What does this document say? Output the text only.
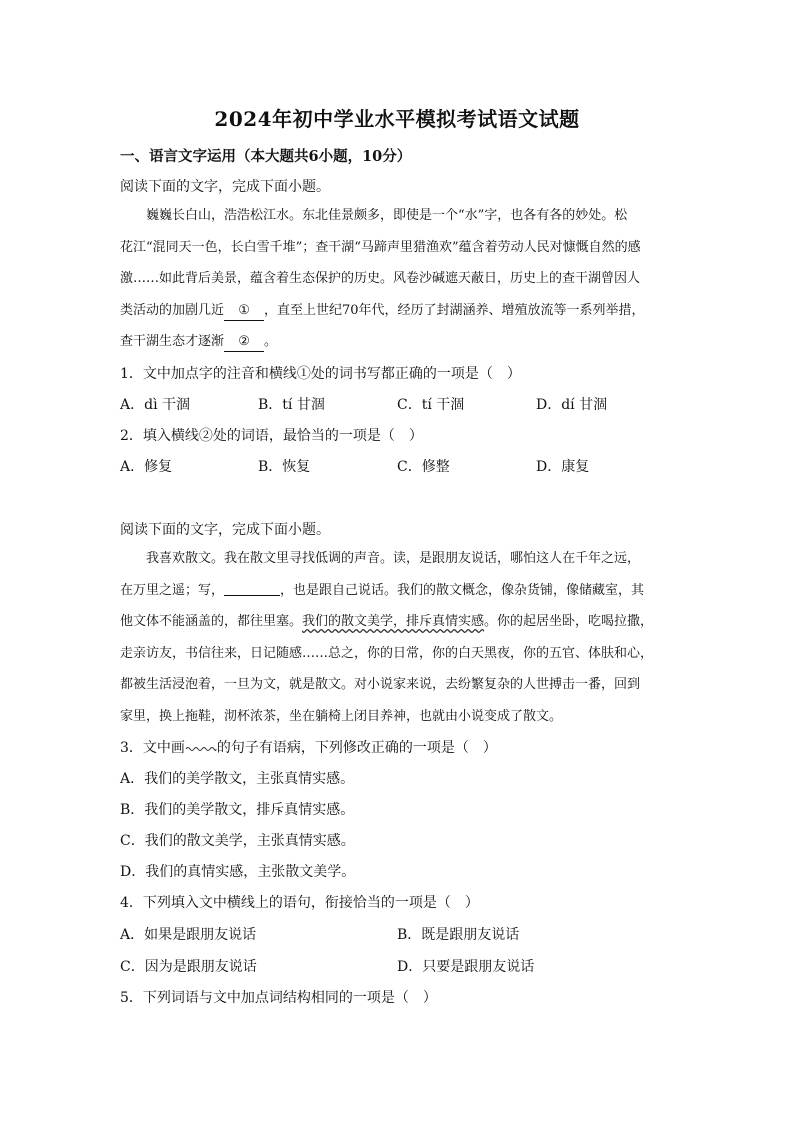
2024年初中学业水平模拟考试语文试题
一、语言文字运用（本大题共6小题，10分）
阅读下面的文字，完成下面小题。

巍巍长白山，浩浩松江水。东北佳景颇多，即使是一个“水”字，也各有各的妙处。松

花江“混同天一色，长白雪千堆”；查干湖“马蹄声里猎渔欢”蕴含着劳动人民对慷慨自然的感
激……如此背后美景，蕴含着生态保护的历史。风卷沙碱遮天蔽日，历史上的查干湖曾因人
类活动的加剧几近 ① ，直至上世纪70年代，经历了封湖涵养、增殖放流等一系列举措，
查干湖生态才逐渐 ② 。
1．文中加点字的注音和横线①处的词书写都正确的一项是（　）
A．dì 干涸	B．tí 甘涸	C．tí 干涸	D．dí 甘涸
2．填入横线②处的词语，最恰当的一项是（　）
A．修复	B．恢复	C．修整	D．康复
阅读下面的文字，完成下面小题。

我喜欢散文。我在散文里寻找低调的声音。读，是跟朋友说话，哪怕这人在千年之远，

在万里之遥；写，	，也是跟自己说话。我们的散文概念，像杂货铺，像储藏室，其
他文体不能涵盖的，都往里塞。我们的散文美学，排斥真情实感。你的起居坐卧，吃喝拉撒，
走亲访友，书信往来，日记随感……总之，你的日常，你的白天黑夜，你的五官、体肤和心，
都被生活浸泡着，一旦为文，就是散文。对小说家来说，去纷繁复杂的人世搏击一番，回到
家里，换上拖鞋，沏杯浓茶，坐在躺椅上闭目养神，也就由小说变成了散文。
3．文中画 的句子有语病，下列修改正确的一项是（　）
A．我们的美学散文，主张真情实感。
B．我们的美学散文，排斥真情实感。
C．我们的散文美学，主张真情实感。
D．我们的真情实感，主张散文美学。
4．下列填入文中横线上的语句，衔接恰当的一项是（　）
A．如果是跟朋友说话	B．既是跟朋友说话
C．因为是跟朋友说话	D．只要是跟朋友说话
5．下列词语与文中加点词结构相同的一项是（　）
